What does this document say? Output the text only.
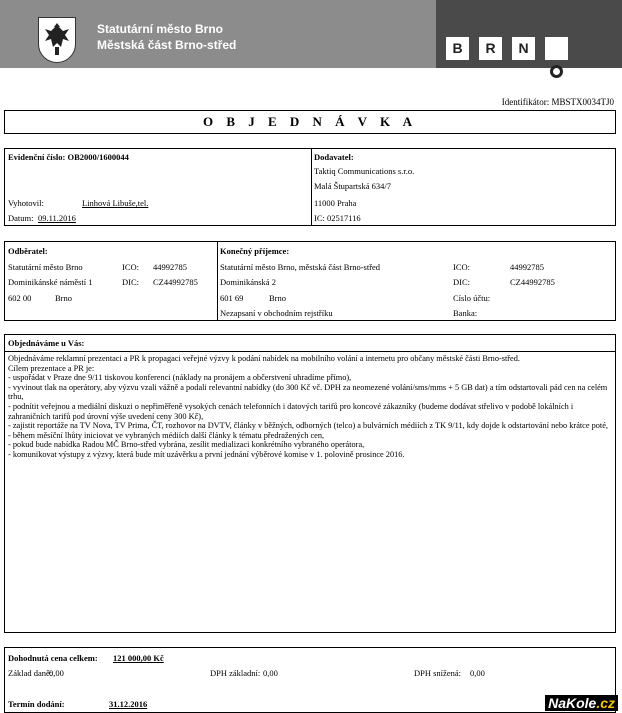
Statutární město Brno
Městská část Brno-střed	B	R	N
Identifikátor: MBSTX0034TJ0
O B J E D N Á V K A
Evidenční číslo: OB2000/1600044
Vyhotovil:	Linhová Libuše,tel.
Datum: 09.11.2016
Dodavatel:
Taktiq Communications s.r.o.
Malá Štupartská 634/7
11000 Praha
IC: 02517116
Odběratel:
Statutární město Brno
Dominikánské náměstí 1
602 00	Brno
ICO: 44992785
DIC: CZ44992785
Konečný příjemce:
Statutární město Brno, městská část Brno-střed
Dominikánská 2
601 69	Brno
Nezapsaní v obchodním rejstříku
ICO:	44992785
DIC:	CZ44992785
Císlo účtu:
Banka:
Objednáváme u Vás:
Objednáváme reklamní prezentaci a PR k propagaci veřejné výzvy k podání nabídek na mobilního volání a internetu pro občany městské části Brno-střed.
Cílem prezentace a PR je:
- uspořádat v Praze dne 9/11 tiskovou konferenci (náklady na pronájem a občerstvení uhradíme přímo),
- vyvinout tlak na operátory, aby výzvu vzali vážně a podali relevantní nabídky (do 300 Kč vč. DPH za neomezené volání/sms/mms + 5 GB dat) a tím odstartovali pád cen na celém trhu,
- podnítit veřejnou a mediální diskuzi o nepřiměřeně vysokých cenách telefonních i datových tarifů pro koncové zákazníky (budeme dodávat střelivo v podobě lokálních i zahraničních tarifů pod úrovní výše uvedení ceny 300 Kč),
- zajistit reportáže na TV Nova, TV Prima, ČT, rozhovor na DVTV, články v běžných, odborných (telco) a bulvárních médiích z TK 9/11, kdy dojde k odstartování nebo krátce poté,
- během měsíční lhůty iniciovat ve vybraných médiích další články k tématu předražených cen,
- pokud bude nabídka Radou MČ Brno-střed vybrána, zesílit medializaci konkrétního vybraného operátora,
- komunikovat výstupy z výzvy, která bude mít uzávěrku a první jednání výběrové komise v 1. polovině prosince 2016.
Dohodnutá cena celkem: 121 000,00 Kč
Základ daně:
0,00	DPH základní: 0,00	DPH snížená: 0,00
Termín dodání:	31.12.2016	NaKole.cz
